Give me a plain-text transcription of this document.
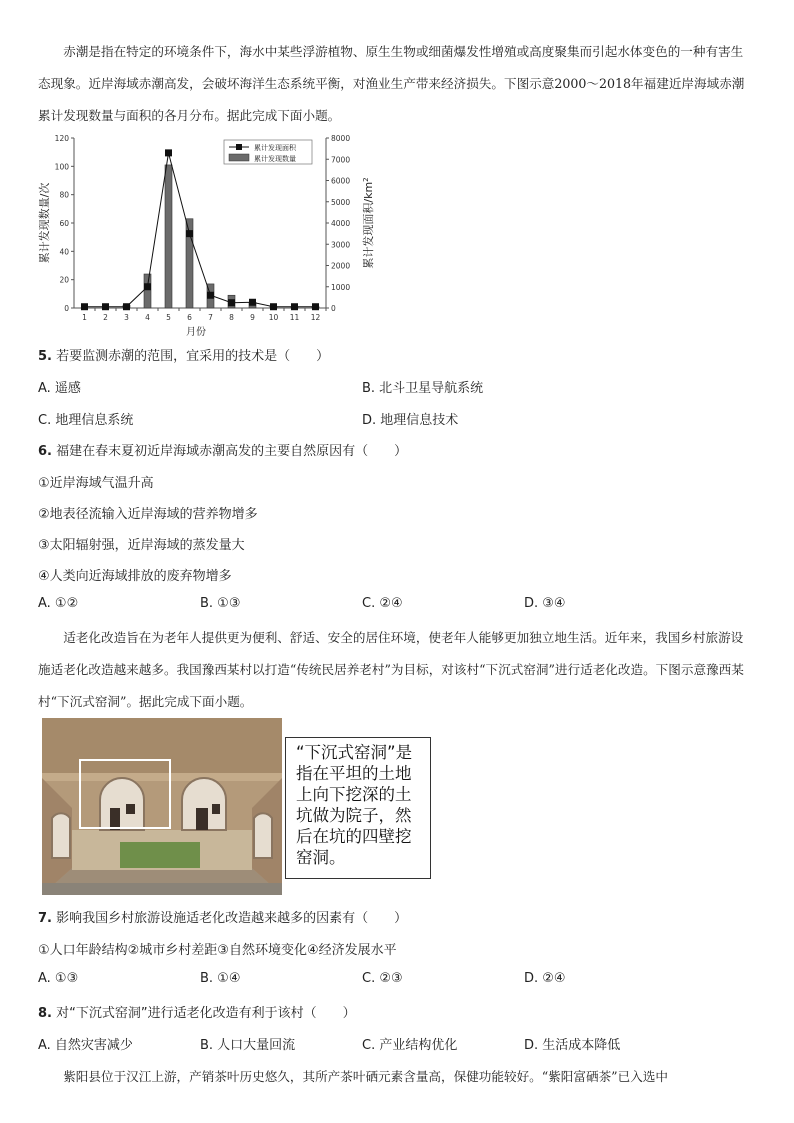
赤潮是指在特定的环境条件下，海水中某些浮游植物、原生生物或细菌爆发性增殖或高度聚集而引起水体变色的一种有害生态现象。近岸海域赤潮高发，会破坏海洋生态系统平衡，对渔业生产带来经济损失。下图示意2000～2018年福建近岸海域赤潮累计发现数量与面积的各月分布。据此完成下面小题。

0
20
40
60
80
100
120
0
1000
2000
3000
4000
5000
6000
7000
8000
1 2 3 4 5 6 7 8 9 10 11 12
月份
累计发现数量/次	累计发现面积$/km^2$
累计发现面积
累计发现数量

5. 若要监测赤潮的范围，宜采用的技术是（　　）

A. 遥感	B. 北斗卫星导航系统

C. 地理信息系统	D. 地理信息技术

6. 福建在春末夏初近岸海域赤潮高发的主要自然原因有（　　）

①近岸海域气温升高

②地表径流输入近岸海域的营养物增多

③太阳辐射强，近岸海域的蒸发量大

④人类向近海域排放的废弃物增多

A. ①②	B. ①③	C. ②④	D. ③④

适老化改造旨在为老年人提供更为便利、舒适、安全的居住环境，使老年人能够更加独立地生活。近年来，我国乡村旅游设施适老化改造越来越多。我国豫西某村以打造“传统民居养老村”为目标，对该村“下沉式窑洞”进行适老化改造。下图示意豫西某村“下沉式窑洞”。据此完成下面小题。

“下沉式窑洞”是指在平坦的土地上向下挖深的土坑做为院子，然后在坑的四壁挖窑洞。

7. 影响我国乡村旅游设施适老化改造越来越多的因素有（　　）

①人口年龄结构②城市乡村差距③自然环境变化④经济发展水平

A. ①③	B. ①④	C. ②③	D. ②④

8. 对“下沉式窑洞”进行适老化改造有利于该村（　　）

A. 自然灾害减少	B. 人口大量回流	C. 产业结构优化	D. 生活成本降低

紫阳县位于汉江上游，产销茶叶历史悠久，其所产茶叶硒元素含量高，保健功能较好。“紫阳富硒茶”已入选中
